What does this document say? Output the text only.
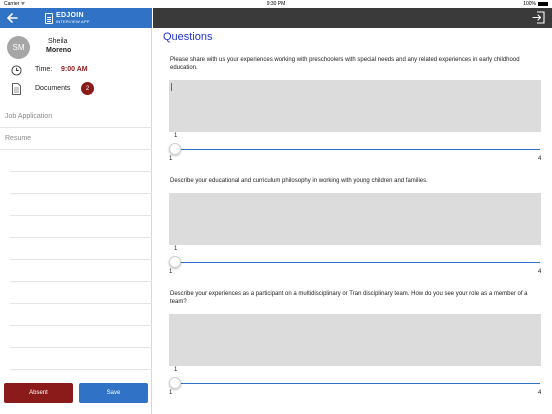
Carrier ᯤ	9:30 PM	100%
EDJOIN
INTERVIEW APP
SM
Sheila
Moreno
Time: 9:00 AM
Documents	2
Job Application
Resume
Absent	Save
Questions
Please share with us your experiences working with preschoolers with special needs and any related experiences in early childhood education.
1
1	4
Describe your educational and curriculum philosophy in working with young children and families.
1
1	4
Describe your experiences as a participant on a multidisciplinary or Tran disciplinary team. How do you see your role as a member of a team?
1
1	4
